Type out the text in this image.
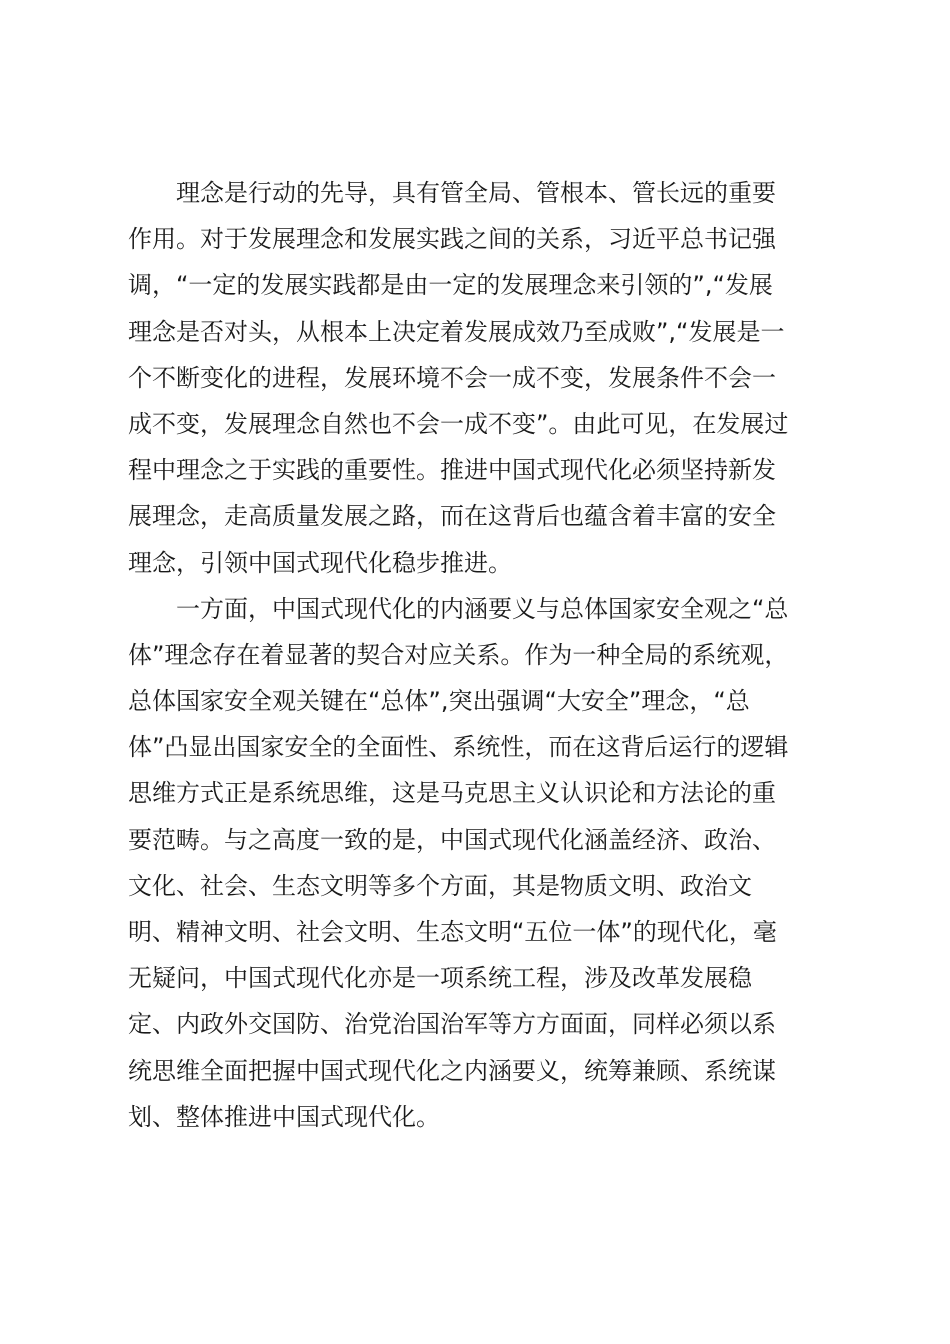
理念是行动的先导，具有管全局、管根本、管长远的重要
作用。对于发展理念和发展实践之间的关系，习近平总书记强
调，“一定的发展实践都是由一定的发展理念来引领的”,“发展
理念是否对头，从根本上决定着发展成效乃至成败”,“发展是一
个不断变化的进程，发展环境不会一成不变，发展条件不会一
成不变，发展理念自然也不会一成不变”。由此可见，在发展过
程中理念之于实践的重要性。推进中国式现代化必须坚持新发
展理念，走高质量发展之路，而在这背后也蕴含着丰富的安全
理念，引领中国式现代化稳步推进。
一方面，中国式现代化的内涵要义与总体国家安全观之“总
体”理念存在着显著的契合对应关系。作为一种全局的系统观，
总体国家安全观关键在“总体”,突出强调“大安全”理念，“总
体”凸显出国家安全的全面性、系统性，而在这背后运行的逻辑
思维方式正是系统思维，这是马克思主义认识论和方法论的重
要范畴。与之高度一致的是，中国式现代化涵盖经济、政治、
文化、社会、生态文明等多个方面，其是物质文明、政治文
明、精神文明、社会文明、生态文明“五位一体”的现代化，毫
无疑问，中国式现代化亦是一项系统工程，涉及改革发展稳
定、内政外交国防、治党治国治军等方方面面，同样必须以系
统思维全面把握中国式现代化之内涵要义，统筹兼顾、系统谋
划、整体推进中国式现代化。
